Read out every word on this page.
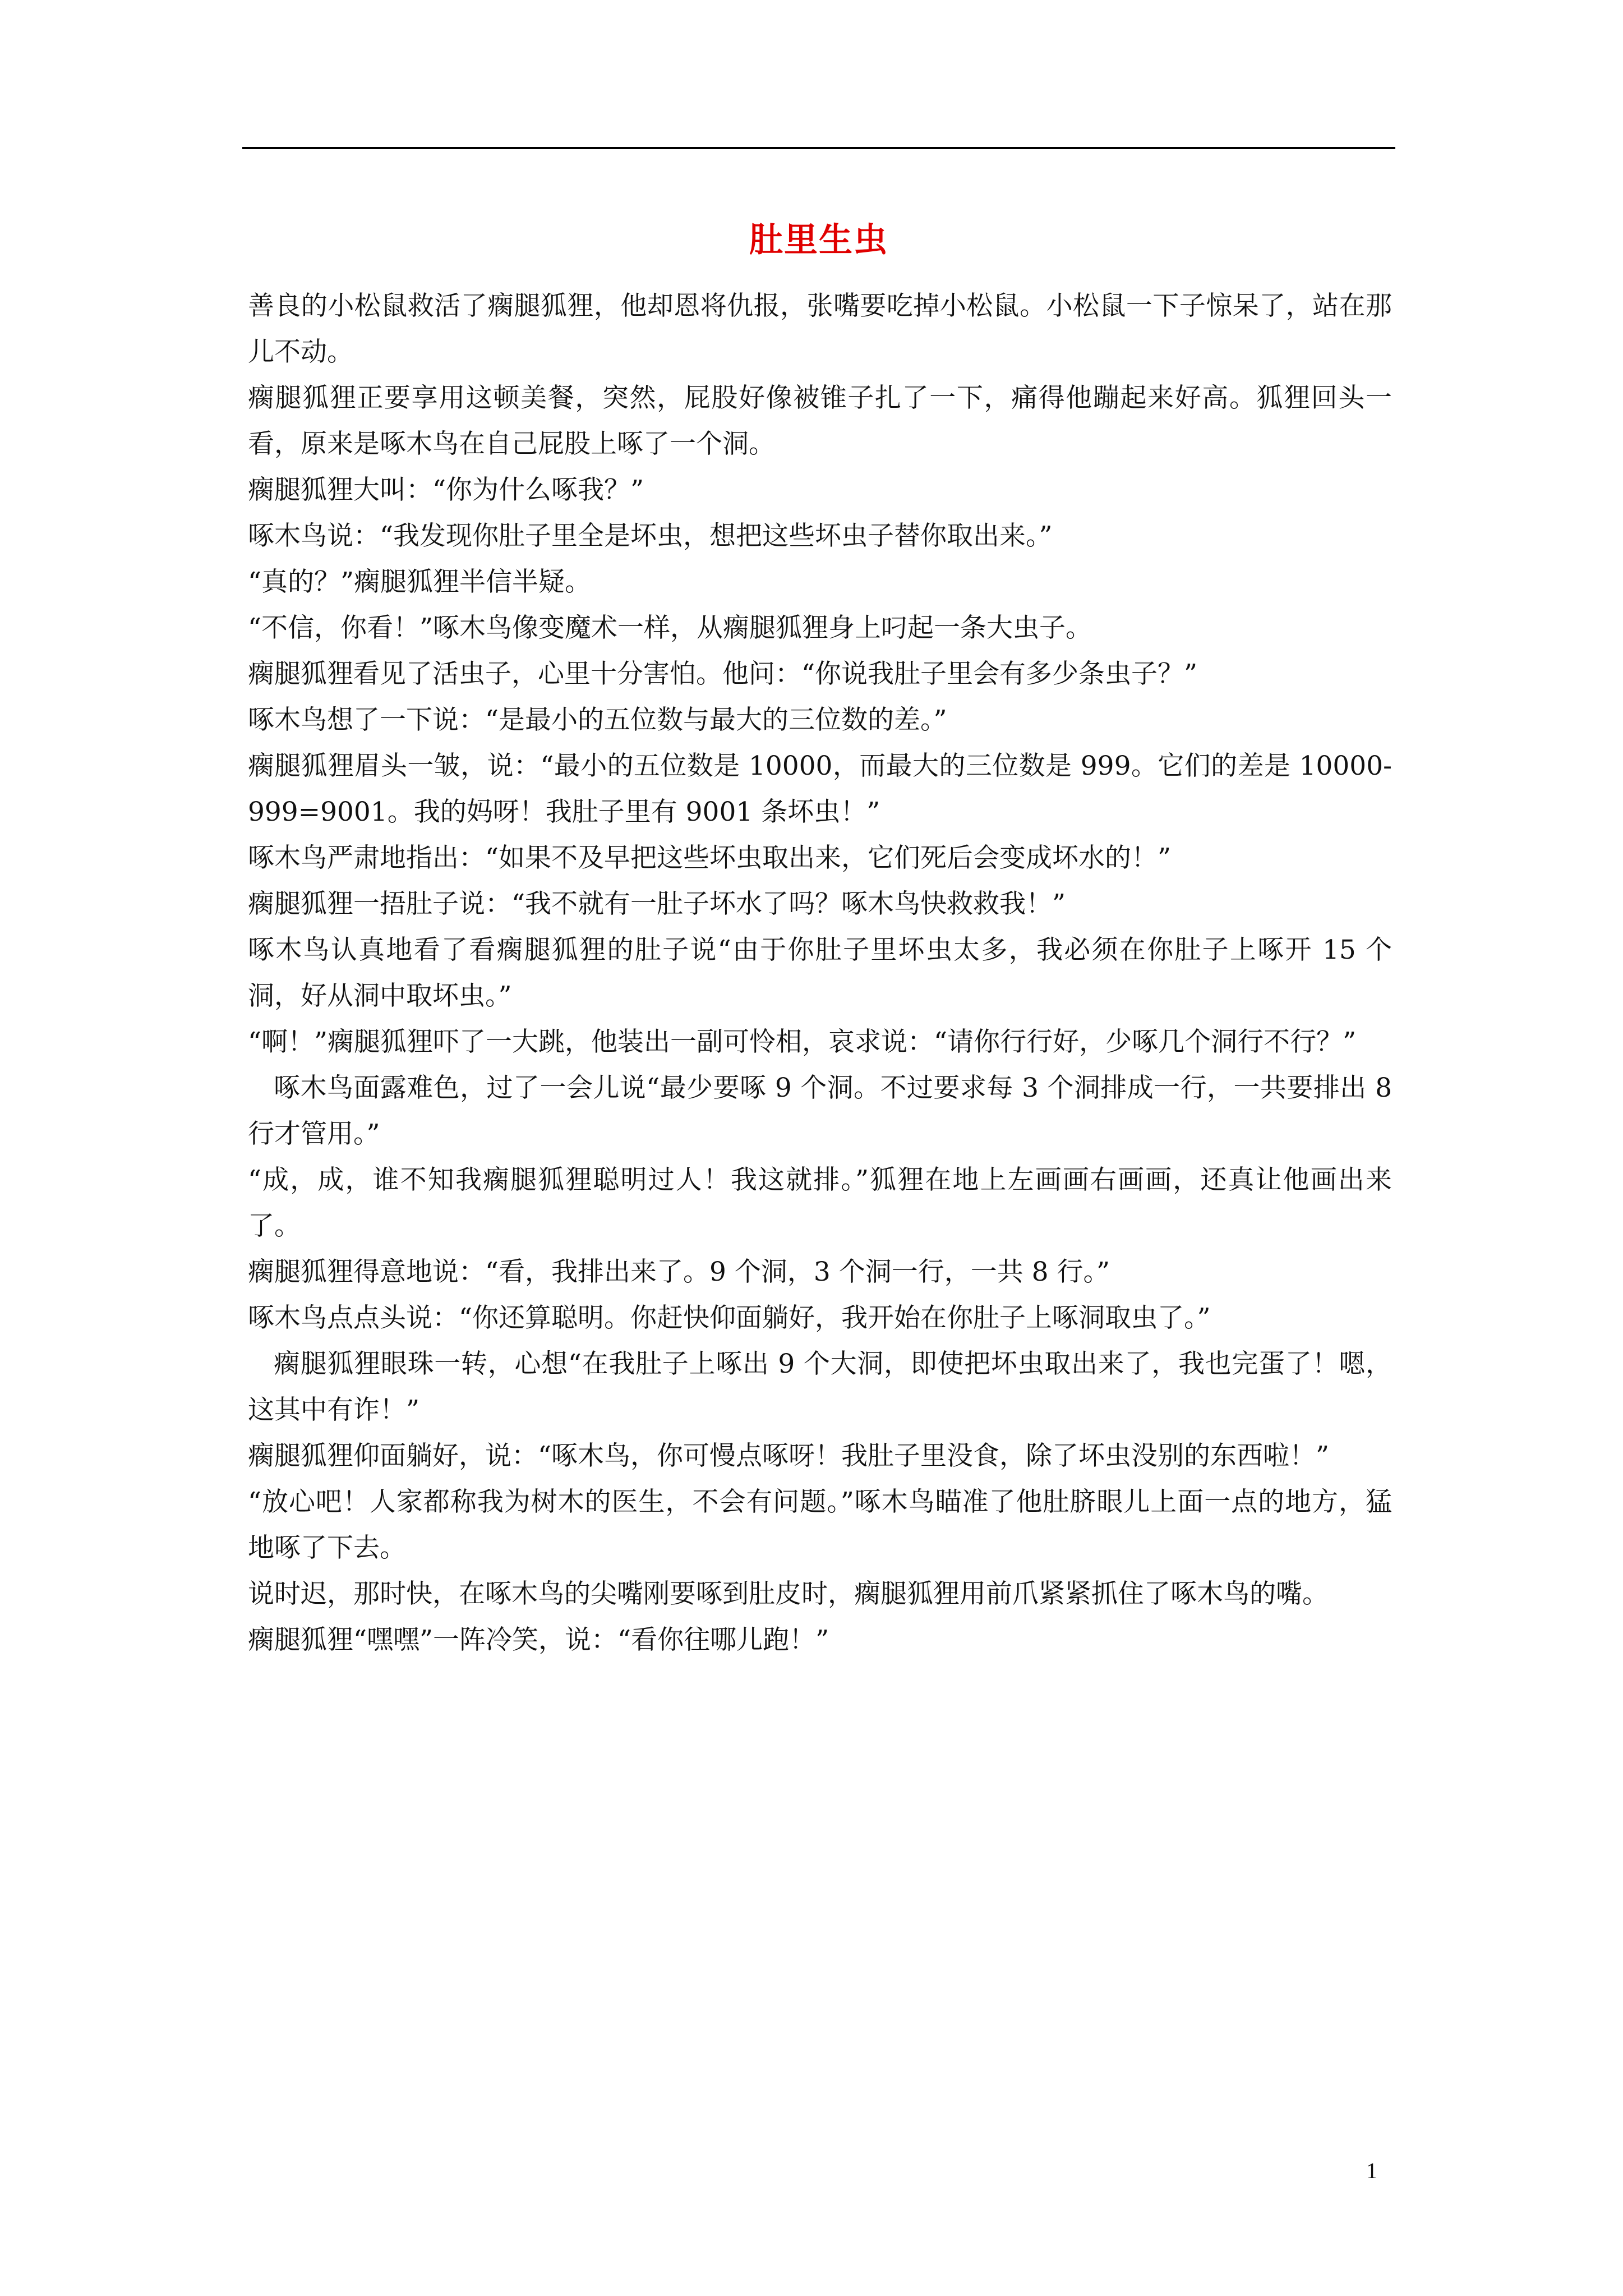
肚里生虫

善良的小松鼠救活了瘸腿狐狸，他却恩将仇报，张嘴要吃掉小松鼠。小松鼠一下子惊呆了，站在那儿不动。

瘸腿狐狸正要享用这顿美餐，突然，屁股好像被锥子扎了一下，痛得他蹦起来好高。狐狸回头一看，原来是啄木鸟在自己屁股上啄了一个洞。

瘸腿狐狸大叫：“你为什么啄我？”

啄木鸟说：“我发现你肚子里全是坏虫，想把这些坏虫子替你取出来。”

“真的？”瘸腿狐狸半信半疑。

“不信，你看！”啄木鸟像变魔术一样，从瘸腿狐狸身上叼起一条大虫子。

瘸腿狐狸看见了活虫子，心里十分害怕。他问：“你说我肚子里会有多少条虫子？”

啄木鸟想了一下说：“是最小的五位数与最大的三位数的差。”

瘸腿狐狸眉头一皱，说：“最小的五位数是 10000，而最大的三位数是 999。它们的差是 10000-999=9001。我的妈呀！我肚子里有 9001 条坏虫！”

啄木鸟严肃地指出：“如果不及早把这些坏虫取出来，它们死后会变成坏水的！”

瘸腿狐狸一捂肚子说：“我不就有一肚子坏水了吗？啄木鸟快救救我！”

啄木鸟认真地看了看瘸腿狐狸的肚子说“由于你肚子里坏虫太多，我必须在你肚子上啄开 15 个洞，好从洞中取坏虫。”

“啊！”瘸腿狐狸吓了一大跳，他装出一副可怜相，哀求说：“请你行行好，少啄几个洞行不行？”

啄木鸟面露难色，过了一会儿说“最少要啄 9 个洞。不过要求每 3 个洞排成一行，一共要排出 8 行才管用。”

“成，成，谁不知我瘸腿狐狸聪明过人！我这就排。”狐狸在地上左画画右画画，还真让他画出来了。

瘸腿狐狸得意地说：“看，我排出来了。9 个洞，3 个洞一行，一共 8 行。”

啄木鸟点点头说：“你还算聪明。你赶快仰面躺好，我开始在你肚子上啄洞取虫了。”

瘸腿狐狸眼珠一转，心想“在我肚子上啄出 9 个大洞，即使把坏虫取出来了，我也完蛋了！嗯，这其中有诈！”

瘸腿狐狸仰面躺好，说：“啄木鸟，你可慢点啄呀！我肚子里没食，除了坏虫没别的东西啦！”

“放心吧！人家都称我为树木的医生，不会有问题。”啄木鸟瞄准了他肚脐眼儿上面一点的地方，猛地啄了下去。

说时迟，那时快，在啄木鸟的尖嘴刚要啄到肚皮时，瘸腿狐狸用前爪紧紧抓住了啄木鸟的嘴。

瘸腿狐狸“嘿嘿”一阵冷笑，说：“看你往哪儿跑！”

1
